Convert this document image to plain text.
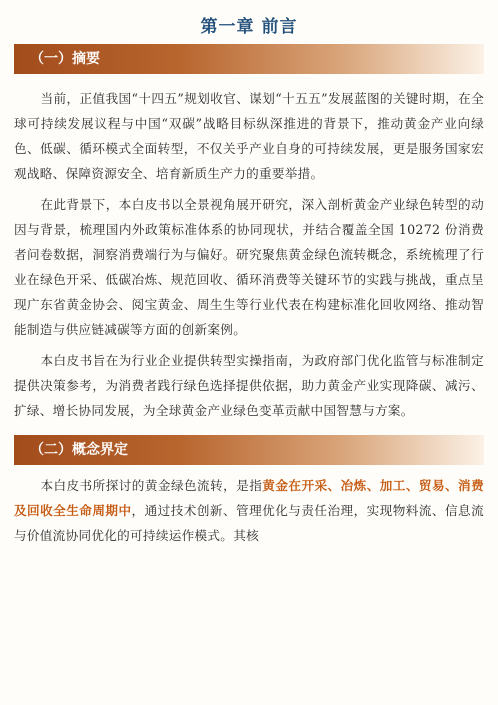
第一章 前言
（一）摘要

当前，正值我国“十四五”规划收官、谋划“十五五”发展蓝图的关键时期，在全球可持续发展议程与中国“双碳”战略目标纵深推进的背景下，推动黄金产业向绿色、低碳、循环模式全面转型，不仅关乎产业自身的可持续发展，更是服务国家宏观战略、保障资源安全、培育新质生产力的重要举措。

在此背景下，本白皮书以全景视角展开研究，深入剖析黄金产业绿色转型的动因与背景，梳理国内外政策标准体系的协同现状，并结合覆盖全国 10272 份消费者问卷数据，洞察消费端行为与偏好。研究聚焦黄金绿色流转概念，系统梳理了行业在绿色开采、低碳冶炼、规范回收、循环消费等关键环节的实践与挑战，重点呈现广东省黄金协会、阅宝黄金、周生生等行业代表在构建标准化回收网络、推动智能制造与供应链减碳等方面的创新案例。

本白皮书旨在为行业企业提供转型实操指南，为政府部门优化监管与标准制定提供决策参考，为消费者践行绿色选择提供依据，助力黄金产业实现降碳、减污、扩绿、增长协同发展，为全球黄金产业绿色变革贡献中国智慧与方案。

（二）概念界定

本白皮书所探讨的黄金绿色流转，是指黄金在开采、冶炼、加工、贸易、消费及回收全生命周期中，通过技术创新、管理优化与责任治理，实现物料流、信息流与价值流协同优化的可持续运作模式。其核
